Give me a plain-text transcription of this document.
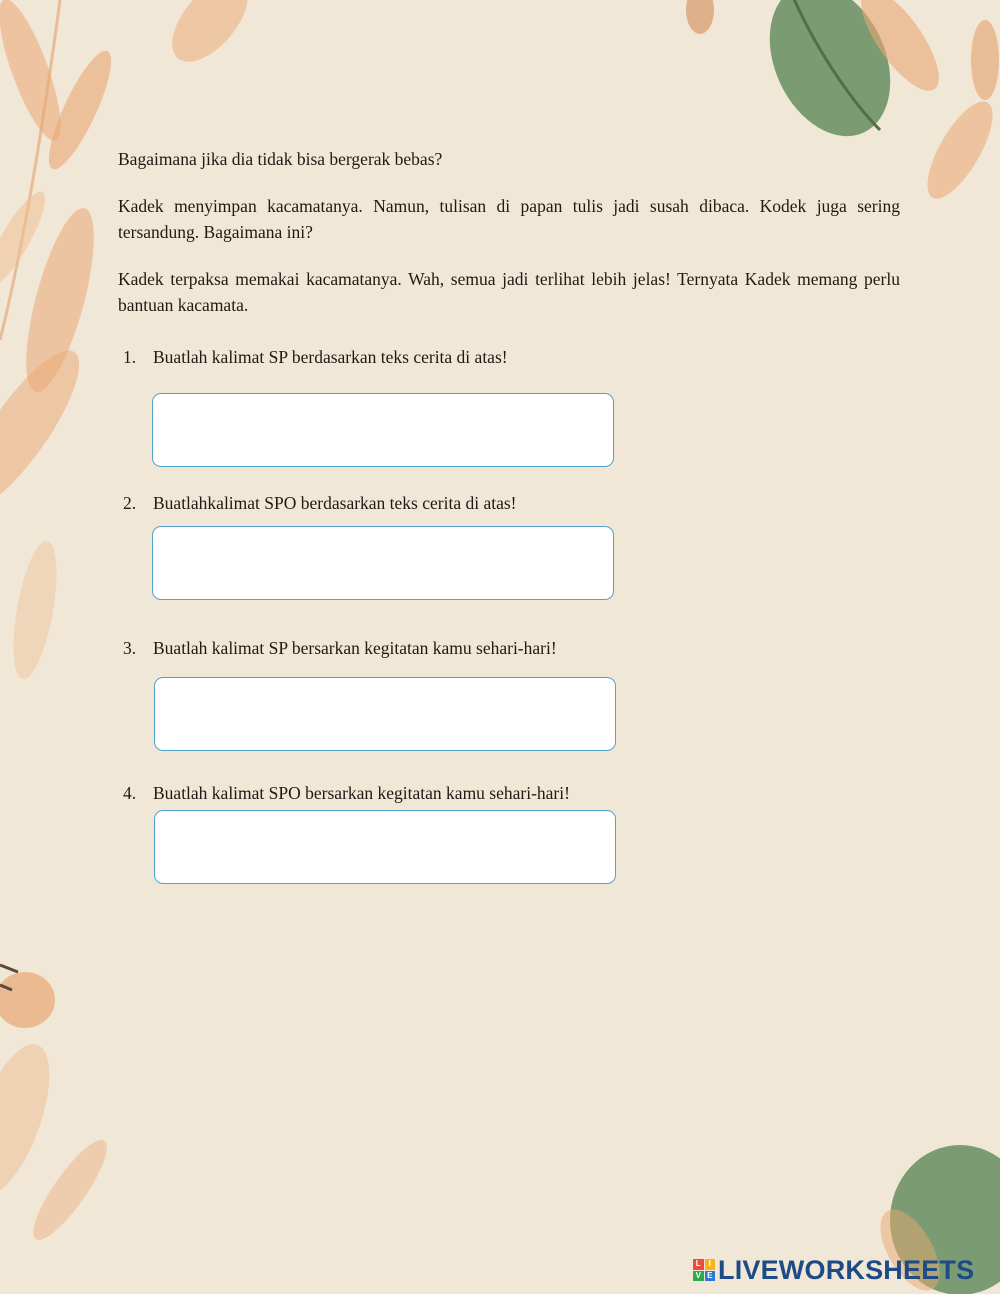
Bagaimana jika dia tidak bisa bergerak bebas?

Kadek menyimpan kacamatanya. Namun, tulisan di papan tulis jadi susah dibaca. Kodek juga sering tersandung. Bagaimana ini?

Kadek terpaksa memakai kacamatanya. Wah, semua jadi terlihat lebih jelas! Ternyata Kadek memang perlu bantuan kacamata.

1. Buatlah kalimat SP berdasarkan teks cerita di atas!
2. Buatlahkalimat SPO berdasarkan teks cerita di atas!
3. Buatlah kalimat SP bersarkan kegitatan kamu sehari-hari!
4. Buatlah kalimat SPO bersarkan kegitatan kamu sehari-hari!
L I
V E LIVEWORKSHEETS
